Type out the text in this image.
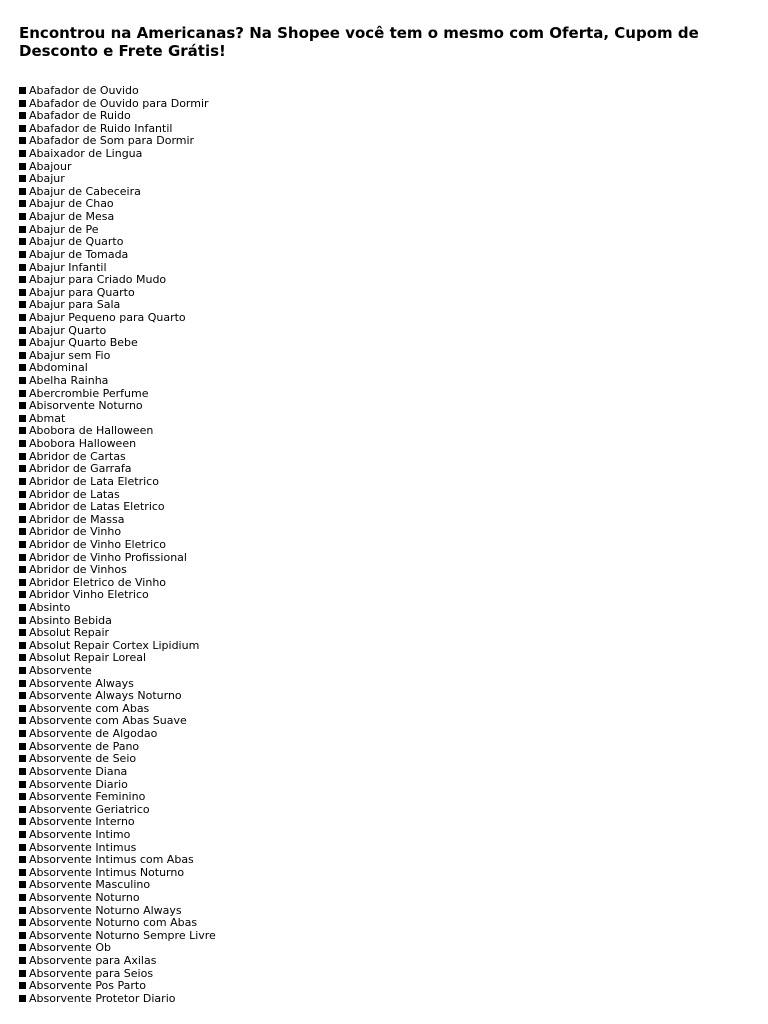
Encontrou na Americanas? Na Shopee você tem o mesmo com Oferta, Cupom de Desconto e Frete Grátis!
Abafador de Ouvido
Abafador de Ouvido para Dormir
Abafador de Ruido
Abafador de Ruido Infantil
Abafador de Som para Dormir
Abaixador de Lingua
Abajour
Abajur
Abajur de Cabeceira
Abajur de Chao
Abajur de Mesa
Abajur de Pe
Abajur de Quarto
Abajur de Tomada
Abajur Infantil
Abajur para Criado Mudo
Abajur para Quarto
Abajur para Sala
Abajur Pequeno para Quarto
Abajur Quarto
Abajur Quarto Bebe
Abajur sem Fio
Abdominal
Abelha Rainha
Abercrombie Perfume
Abisorvente Noturno
Abmat
Abobora de Halloween
Abobora Halloween
Abridor de Cartas
Abridor de Garrafa
Abridor de Lata Eletrico
Abridor de Latas
Abridor de Latas Eletrico
Abridor de Massa
Abridor de Vinho
Abridor de Vinho Eletrico
Abridor de Vinho Profissional
Abridor de Vinhos
Abridor Eletrico de Vinho
Abridor Vinho Eletrico
Absinto
Absinto Bebida
Absolut Repair
Absolut Repair Cortex Lipidium
Absolut Repair Loreal
Absorvente
Absorvente Always
Absorvente Always Noturno
Absorvente com Abas
Absorvente com Abas Suave
Absorvente de Algodao
Absorvente de Pano
Absorvente de Seio
Absorvente Diana
Absorvente Diario
Absorvente Feminino
Absorvente Geriatrico
Absorvente Interno
Absorvente Intimo
Absorvente Intimus
Absorvente Intimus com Abas
Absorvente Intimus Noturno
Absorvente Masculino
Absorvente Noturno
Absorvente Noturno Always
Absorvente Noturno com Abas
Absorvente Noturno Sempre Livre
Absorvente Ob
Absorvente para Axilas
Absorvente para Seios
Absorvente Pos Parto
Absorvente Protetor Diario
